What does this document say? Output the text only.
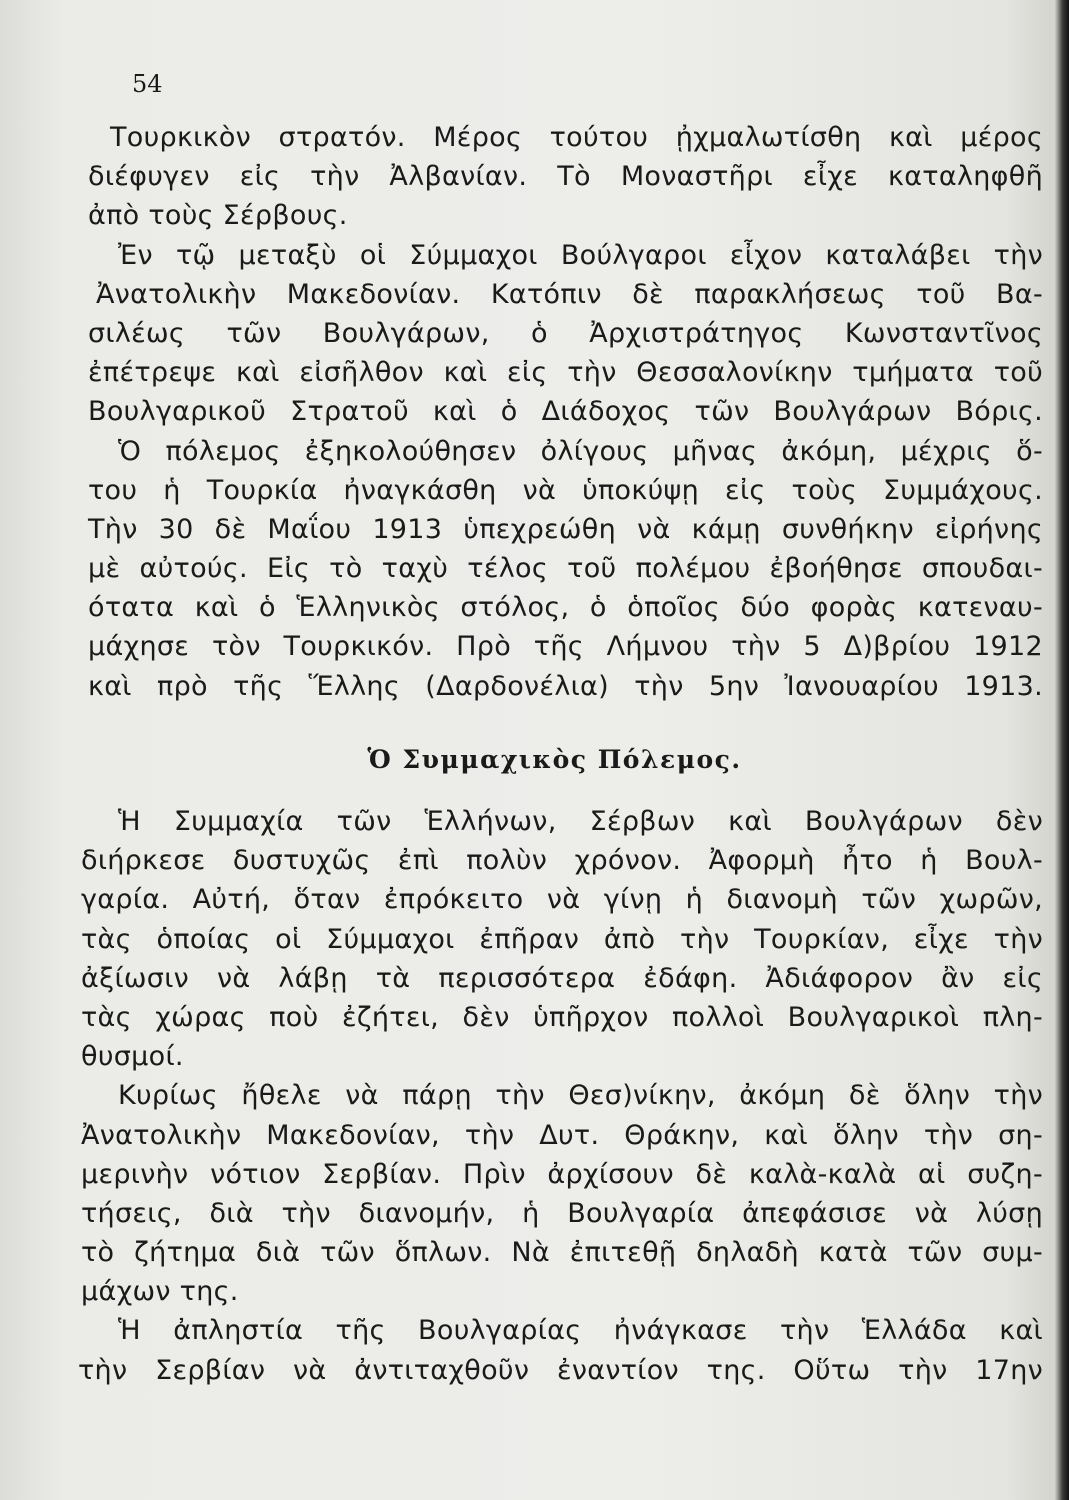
54
Τουρκικὸν στρατόν. Μέρος τούτου ᾐχμαλωτίσθη καὶ μέρος
διέφυγεν εἰς τὴν Ἀλβανίαν. Τὸ Μοναστῆρι εἶχε καταληφθῆ
ἀπὸ τοὺς Σέρβους.
Ἐν τῷ μεταξὺ οἱ Σύμμαχοι Βούλγαροι εἶχον καταλάβει τὴν
Ἀνατολικὴν Μακεδονίαν. Κατόπιν δὲ παρακλήσεως τοῦ Βα-
σιλέως τῶν Βουλγάρων, ὁ Ἀρχιστράτηγος Κωνσταντῖνος
ἐπέτρεψε καὶ εἰσῆλθον καὶ εἰς τὴν Θεσσαλονίκην τμήματα τοῦ
Βουλγαρικοῦ Στρατοῦ καὶ ὁ Διάδοχος τῶν Βουλγάρων Βόρις.
Ὁ πόλεμος ἐξηκολούθησεν ὀλίγους μῆνας ἀκόμη, μέχρις ὅ-
του ἡ Τουρκία ἠναγκάσθη νὰ ὑποκύψῃ εἰς τοὺς Συμμάχους.
Τὴν 30 δὲ Μαΐου 1913 ὑπεχρεώθη νὰ κάμῃ συνθήκην εἰρήνης
μὲ αὐτούς. Εἰς τὸ ταχὺ τέλος τοῦ πολέμου ἐβοήθησε σπουδαι-
ότατα καὶ ὁ Ἑλληνικὸς στόλος, ὁ ὁποῖος δύο φορὰς κατεναυ-
μάχησε τὸν Τουρκικόν. Πρὸ τῆς Λήμνου τὴν 5 Δ)βρίου 1912
καὶ πρὸ τῆς Ἕλλης (Δαρδονέλια) τὴν 5ην Ἰανουαρίου 1913.
Ὁ Συμμαχικὸς Πόλεμος.
Ἡ Συμμαχία τῶν Ἑλλήνων, Σέρβων καὶ Βουλγάρων δὲν
διήρκεσε δυστυχῶς ἐπὶ πολὺν χρόνον. Ἀφορμὴ ἦτο ἡ Βουλ-
γαρία. Αὐτή, ὅταν ἐπρόκειτο νὰ γίνῃ ἡ διανομὴ τῶν χωρῶν,
τὰς ὁποίας οἱ Σύμμαχοι ἐπῆραν ἀπὸ τὴν Τουρκίαν, εἶχε τὴν
ἀξίωσιν νὰ λάβῃ τὰ περισσότερα ἐδάφη. Ἀδιάφορον ἂν εἰς
τὰς χώρας ποὺ ἐζήτει, δὲν ὑπῆρχον πολλοὶ Βουλγαρικοὶ πλη-
θυσμοί.
Κυρίως ἤθελε νὰ πάρῃ τὴν Θεσ)νίκην, ἀκόμη δὲ ὅλην τὴν
Ἀνατολικὴν Μακεδονίαν, τὴν Δυτ. Θράκην, καὶ ὅλην τὴν ση-
μερινὴν νότιον Σερβίαν. Πρὶν ἀρχίσουν δὲ καλὰ-καλὰ αἱ συζη-
τήσεις, διὰ τὴν διανομήν, ἡ Βουλγαρία ἀπεφάσισε νὰ λύσῃ
τὸ ζήτημα διὰ τῶν ὅπλων. Νὰ ἐπιτεθῇ δηλαδὴ κατὰ τῶν συμ-
μάχων της.
Ἡ ἀπληστία τῆς Βουλγαρίας ἠνάγκασε τὴν Ἑλλάδα καὶ
τὴν Σερβίαν νὰ ἀντιταχθοῦν ἐναντίον της. Οὕτω τὴν 17ην
